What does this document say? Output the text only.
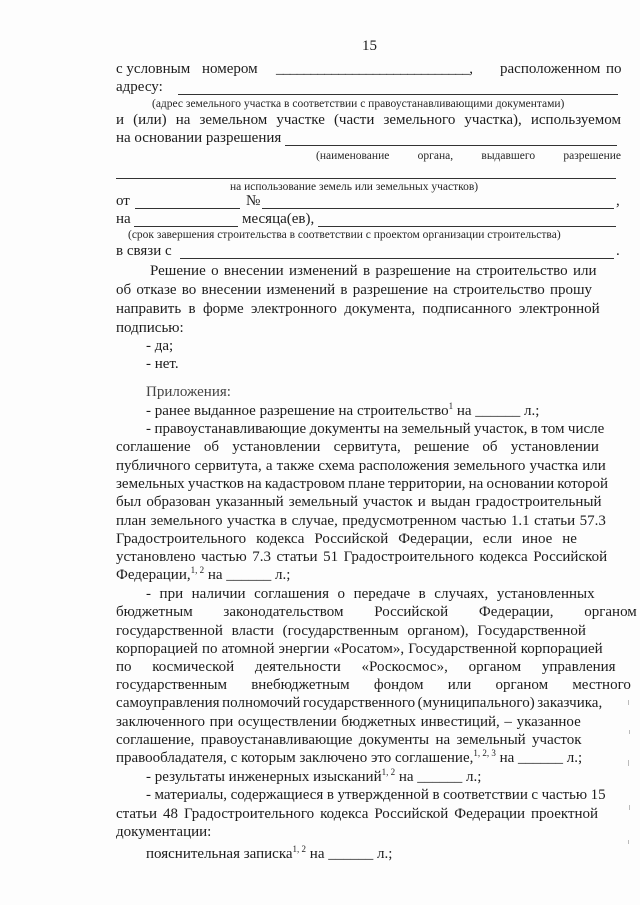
15
с условным номером ____________________________, расположенном по
адресу:
(адрес земельного участка в соответствии с правоустанавливающими документами)
и (или) на земельном участке (части земельного участка), используемом
на основании разрешения
(наименование органа, выдавшего разрешение
на использование земель или земельных участков)
от	№	,
на	месяца(ев),
(срок завершения строительства в соответствии с проектом организации строительства)
в связи с	.
Решение о внесении изменений в разрешение на строительство или
об отказе во внесении изменений в разрешение на строительство прошу
направить в форме электронного документа, подписанного электронной
подписью:
- да;
- нет.
Приложения:
- ранее выданное разрешение на строительство$^1$ на ______ л.;
- правоустанавливающие документы на земельный участок, в том числе
соглашение об установлении сервитута, решение об установлении
публичного сервитута, а также схема расположения земельного участка или
земельных участков на кадастровом плане территории, на основании которой
был образован указанный земельный участок и выдан градостроительный
план земельного участка в случае, предусмотренном частью 1.1 статьи 57.3
Градостроительного кодекса Российской Федерации, если иное не
установлено частью 7.3 статьи 51 Градостроительного кодекса Российской
Федерации,$^{1, 2}$ на ______ л.;
- при наличии соглашения о передаче в случаях, установленных
бюджетным законодательством Российской Федерации, органом
государственной власти (государственным органом), Государственной
корпорацией по атомной энергии «Росатом», Государственной корпорацией
по космической деятельности «Роскосмос», органом управления
государственным внебюджетным фондом или органом местного
самоуправления полномочий государственного (муниципального) заказчика,
заключенного при осуществлении бюджетных инвестиций, – указанное
соглашение, правоустанавливающие документы на земельный участок
правообладателя, с которым заключено это соглашение,$^{1, 2, 3}$ на ______ л.;
- результаты инженерных изысканий$^{1, 2}$ на ______ л.;
- материалы, содержащиеся в утвержденной в соответствии с частью 15
статьи 48 Градостроительного кодекса Российской Федерации проектной
документации:
пояснительная записка$^{1, 2}$ на ______ л.;
